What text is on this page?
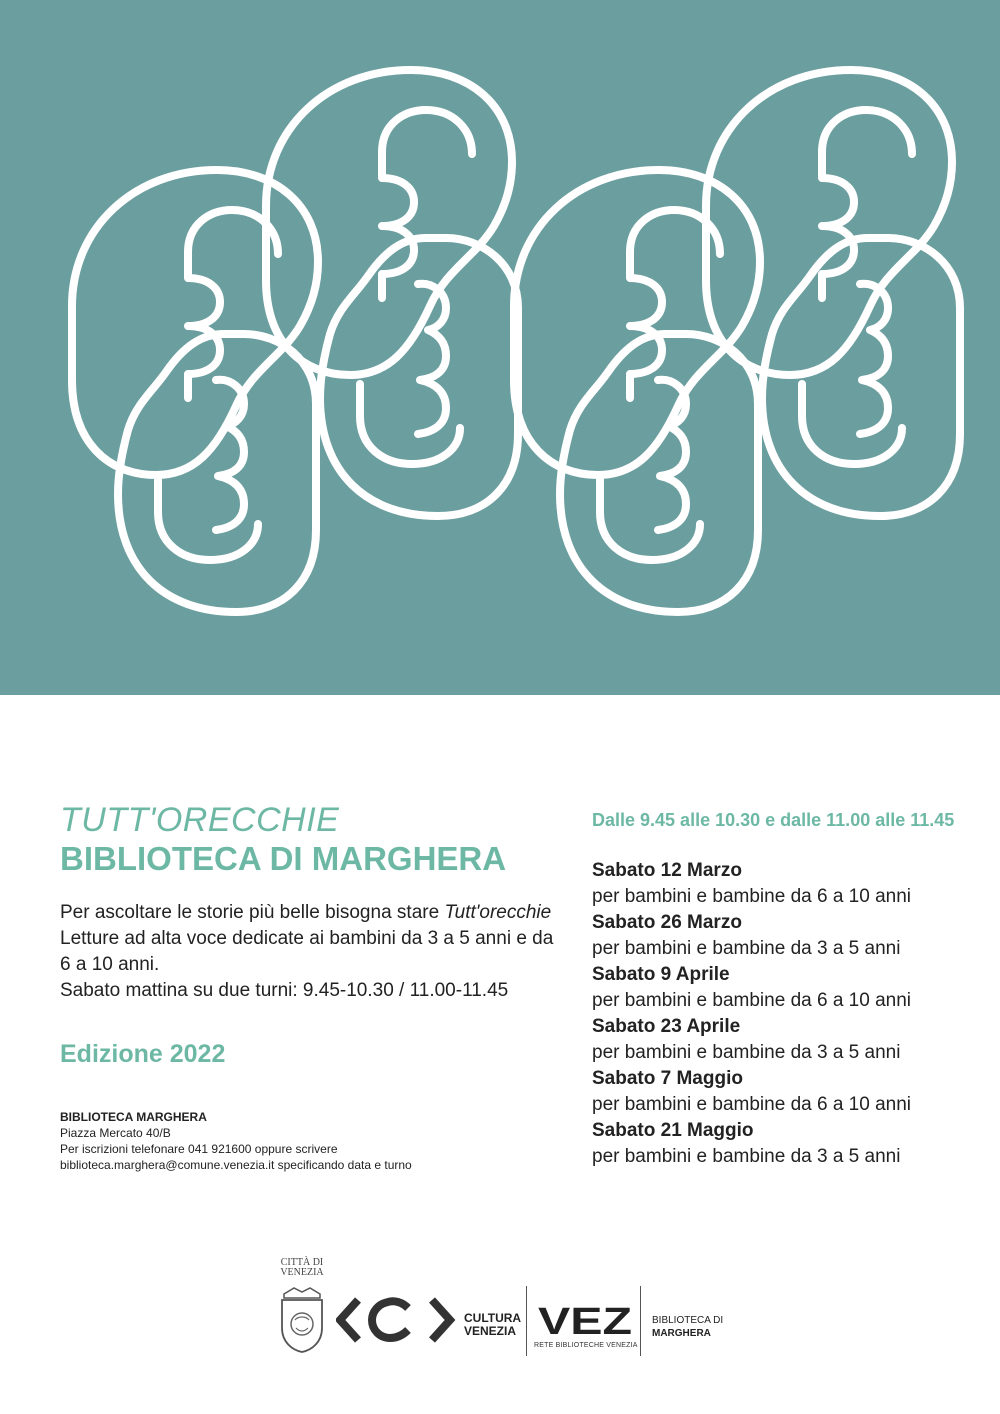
TUTT'ORECCHIE

BIBLIOTECA DI MARGHERA

Per ascoltare le storie più belle bisogna stare Tutt'orecchie

Letture ad alta voce dedicate ai bambini da 3 a 5 anni e da 6 a 10 anni.

Sabato mattina su due turni: 9.45-10.30 / 11.00-11.45

Edizione 2022
BIBLIOTECA MARGHERA
Piazza Mercato 40/B
Per iscrizioni telefonare 041 921600 oppure scrivere
biblioteca.marghera@comune.venezia.it specificando data e turno

Dalle 9.45 alle 10.30 e dalle 11.00 alle 11.45

Sabato 12 Marzo
per bambini e bambine da 6 a 10 anni
Sabato 26 Marzo
per bambini e bambine da 3 a 5 anni
Sabato 9 Aprile
per bambini e bambine da 6 a 10 anni
Sabato 23 Aprile
per bambini e bambine da 3 a 5 anni
Sabato 7 Maggio
per bambini e bambine da 6 a 10 anni
Sabato 21 Maggio
per bambini e bambine da 3 a 5 anni
CITTÀ DI
VENEZIA
CULTURA
VENEZIA VEZ
RETE BIBLIOTECHE VENEZIA
BIBLIOTECA DI
MARGHERA
